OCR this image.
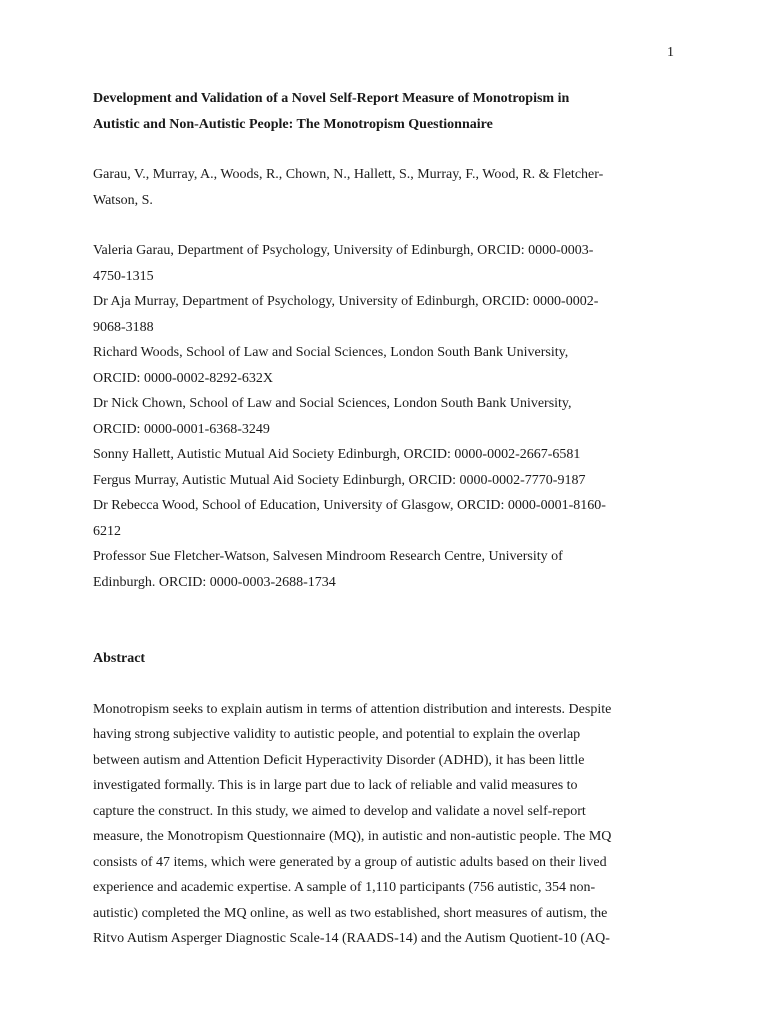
1

Development and Validation of a Novel Self-Report Measure of Monotropism in
Autistic and Non-Autistic People: The Monotropism Questionnaire

Garau, V., Murray, A., Woods, R., Chown, N., Hallett, S., Murray, F., Wood, R. & Fletcher-
Watson, S.

Valeria Garau, Department of Psychology, University of Edinburgh, ORCID: 0000-0003-
4750-1315
Dr Aja Murray, Department of Psychology, University of Edinburgh, ORCID: 0000-0002-
9068-3188
Richard Woods, School of Law and Social Sciences, London South Bank University,
ORCID: 0000-0002-8292-632X
Dr Nick Chown, School of Law and Social Sciences, London South Bank University,
ORCID: 0000-0001-6368-3249
Sonny Hallett, Autistic Mutual Aid Society Edinburgh, ORCID: 0000-0002-2667-6581
Fergus Murray, Autistic Mutual Aid Society Edinburgh, ORCID: 0000-0002-7770-9187
Dr Rebecca Wood, School of Education, University of Glasgow, ORCID: 0000-0001-8160-
6212
Professor Sue Fletcher-Watson, Salvesen Mindroom Research Centre, University of
Edinburgh. ORCID: 0000-0003-2688-1734

Abstract

Monotropism seeks to explain autism in terms of attention distribution and interests. Despite
having strong subjective validity to autistic people, and potential to explain the overlap
between autism and Attention Deficit Hyperactivity Disorder (ADHD), it has been little
investigated formally. This is in large part due to lack of reliable and valid measures to
capture the construct. In this study, we aimed to develop and validate a novel self-report
measure, the Monotropism Questionnaire (MQ), in autistic and non-autistic people. The MQ
consists of 47 items, which were generated by a group of autistic adults based on their lived
experience and academic expertise. A sample of 1,110 participants (756 autistic, 354 non-
autistic) completed the MQ online, as well as two established, short measures of autism, the
Ritvo Autism Asperger Diagnostic Scale-14 (RAADS-14) and the Autism Quotient-10 (AQ-
